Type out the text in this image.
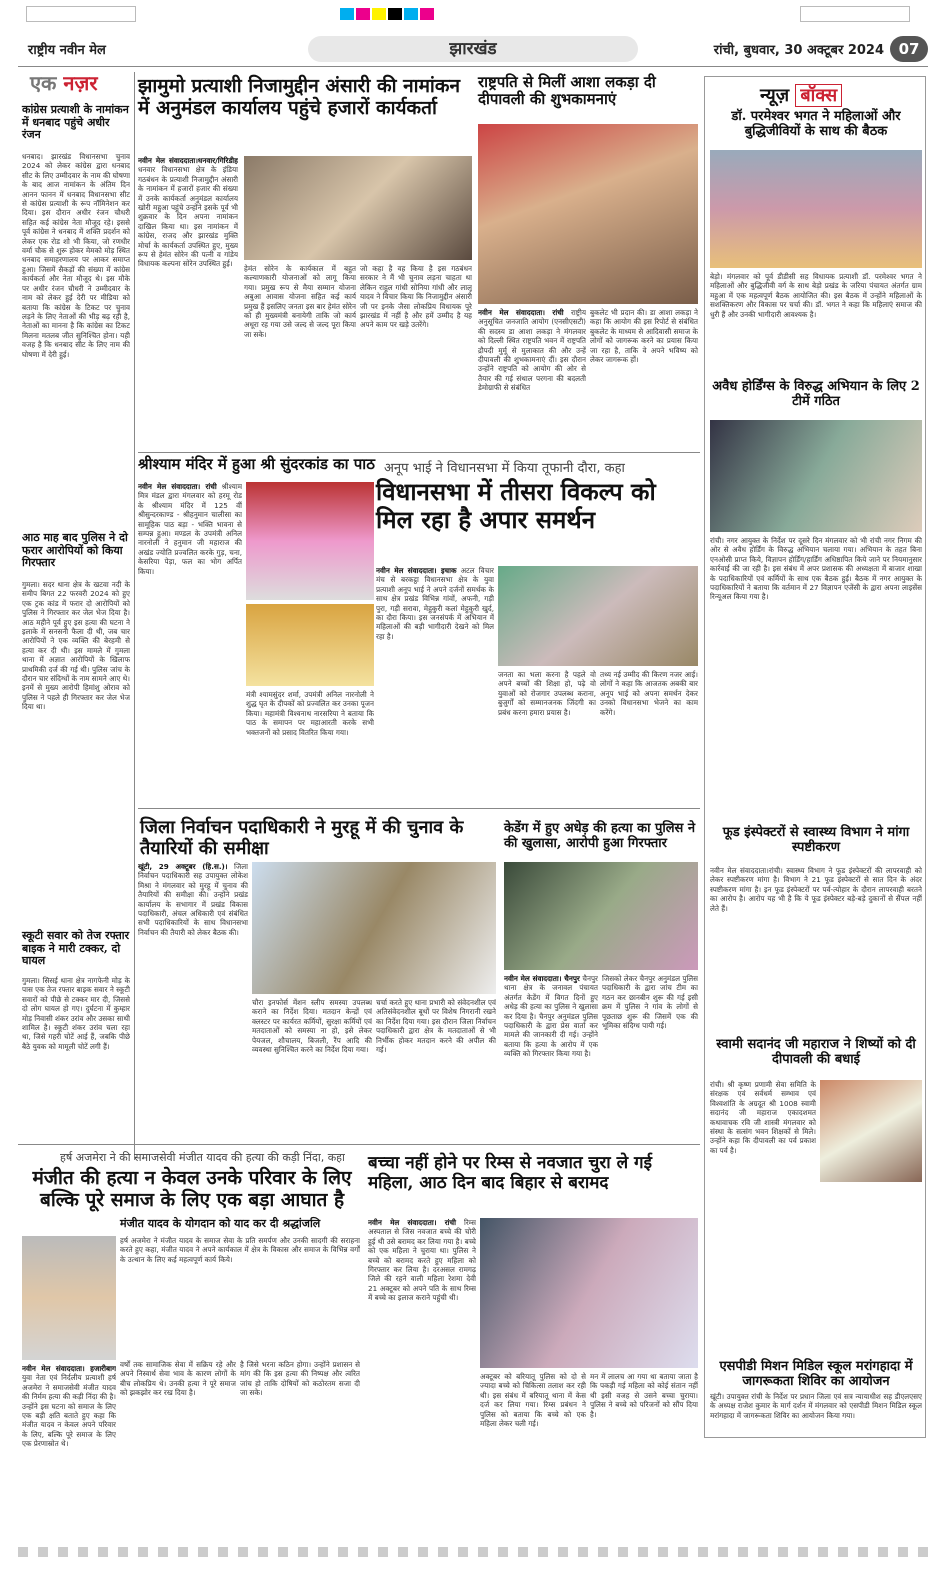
राष्ट्रीय नवीन मेल	झारखंड	रांची, बुधवार, 30 अक्टूबर 2024 07
एक नज़र
कांग्रेस प्रत्याशी के नामांकन में धनबाद पहुंचे अधीर रंजन
धनबाद। झारखंड विधानसभा चुनाव 2024 को लेकर कांग्रेस द्वारा धनबाद सीट के लिए उम्मीदवार के नाम की घोषणा के बाद आज नामांकन के अंतिम दिन आनन फानन में धनबाद विधानसभा सीट से कांग्रेस प्रत्याशी के रूप नॉमिनेशन कर दिया। इस दौरान अधीर रंजन चौधरी सहित कई कांग्रेस नेता मौजूद रहे। इससे पूर्व कांग्रेस ने धनबाद में शक्ति प्रदर्शन को लेकर एक रोड शो भी किया, जो रणधीर वर्मा चौक से शुरू होकर मेमको मोड़ स्थित धनबाद समाहरणालय पर आकर समाप्त हुआ। जिसमें सैकड़ों की संख्या में कांग्रेस कार्यकर्ता और नेता मौजूद थे। इस मौके पर अधीर रंजन चौधरी ने उम्मीदवार के नाम को लेकर हुई देरी पर मीडिया को बताया कि कांग्रेस के टिकट पर चुनाव लड़ने के लिए नेताओं की भीड़ बढ़ रही है, नेताओं का मानना है कि कांग्रेस का टिकट मिलना मतलब जीत सुनिश्चित होना। यही वजह है कि धनबाद सीट के लिए नाम की घोषणा में देरी हुई।
आठ माह बाद पुलिस ने दो फरार आरोपियों को किया गिरफ्तार
गुमला। सदर थाना क्षेत्र के खटवा नदी के समीप बिगत 22 फरवरी 2024 को हुए एक ट्रक कांड में फरार दो आरोपियों को पुलिस ने गिरफ्तार कर जेल भेज दिया है। आठ महीने पूर्व हुए इस हत्या की घटना ने इलाके में सनसनी फैला दी थी, जब चार आरोपियों ने एक व्यक्ति की बेरहमी से हत्या कर दी थी। इस मामले में गुमला थाना में अज्ञात आरोपियों के खिलाफ प्राथमिकी दर्ज की गई थी। पुलिस जांच के दौरान चार संदिग्धों के नाम सामने आए थे। इनमें से मुख्य आरोपी हिमांशु ओराव को पुलिस ने पहले ही गिरफ्तार कर जेल भेज दिया था।
स्कूटी सवार को तेज रफ्तार बाइक ने मारी टक्कर, दो घायल
गुमला। सिसई थाना क्षेत्र नागफेनी मोड़ के पास एक तेज रफ्तार बाइक सवार ने स्कूटी सवारों को पीछे से टक्कर मार दी, जिससे दो लोग घायल हो गए। दुर्घटना में कुम्हार मोड़ निवासी शंकर उरांव और उसका साथी शामिल है। स्कूटी शंकर उरांव चला रहा था, जिसे गहरी चोटें आई हैं, जबकि पीछे बैठे युवक को मामूली चोटें लगी हैं।
झामुमो प्रत्याशी निजामुद्दीन अंसारी की नामांकन में अनुमंडल कार्यालय पहुंचे हजारों कार्यकर्ता
नवीन मेल संवाददाता।धनवार/गिरिडीह धनवार विधानसभा क्षेत्र के इंडिया गठबंधन के प्रत्याशी निजामुद्दीन अंसारी के नामांकन में हजारों हजार की संख्या में उनके कार्यकर्ता अनुमंडल कार्यालय खोरी महुआ पहुंचे उन्होंने इसके पूर्व भी शुक्रवार के दिन अपना नामांकन दाखिल किया था। इस नामांकन में कांग्रेस, राजद और झारखंड मुक्ति मोर्चा के कार्यकर्ता उपस्थित हुए, मुख्य रूप से हेमंत सोरेन की पत्नी व गांडेय विधायक कल्पना सोरेन उपस्थित हुई।
हेमंत सोरेन के कार्यकाल में बहुत कल्याणकारी योजनाओं को लागू किया गया। प्रमुख रूप से मैया सम्मान योजना अबुआ आवास योजना सहित कई कार्य प्रमुख हैं इसलिए जनता इस बार हेमंत सोरेन को ही मुख्यमंत्री बनायेगी ताकि जो कार्य अधूरा रह गया उसे जल्द से जल्द पूरा किया जा सके।
जो कहा है वह किया है इस गठबंधन सरकार ने मैं भी चुनाव लड़ना चाहता था लेकिन राहुल गांधी सोनिया गांधी और लालू यादव ने विचार किया कि निजामुद्दीन अंसारी जी पर इनके जैसा लोकप्रिय विधायक पूरे झारखंड में नहीं है और हमें उम्मीद है यह अपने काम पर खड़े उतरेंगे।
राष्ट्रपति से मिलीं आशा लकड़ा दी दीपावली की शुभकामनाएं
नवीन मेल संवाददाता। रांची राष्ट्रीय अनुसूचित जनजाति आयोग (एनसीएसटी) की सदस्य डा आशा लकड़ा ने मंगलवार को दिल्ली स्थित राष्ट्रपति भवन में राष्ट्रपति द्रौपदी मुर्मू से मुलाकात की और उन्हें दीपावली की शुभकामनाएं दीं। इस दौरान उन्होंने राष्ट्रपति को आयोग की ओर से तैयार की गई संथाल परगना की बदलती डेमोग्राफी से संबंधित
बुकलेट भी प्रदान की। डा आशा लकड़ा ने कहा कि आयोग की इस रिपोर्ट से संबंधित बुकलेट के माध्यम से आदिवासी समाज के लोगों को जागरूक करने का प्रयास किया जा रहा है, ताकि वे अपने भविष्य को लेकर जागरूक हों।
न्यूज़ बॉक्स
डॉ. परमेश्वर भगत ने महिलाओं और बुद्धिजीवियों के साथ की बैठक
बेड़ो। मंगलवार को पूर्व डीडीसी सह विधायक प्रत्याशी डॉ. परमेश्वर भगत ने महिलाओं और बुद्धिजीवी वर्ग के साथ बेड़ो प्रखंड के जरिया पंचायत अंतर्गत ग्राम महुआ में एक महत्वपूर्ण बैठक आयोजित की। इस बैठक में उन्होंने महिलाओं के सशक्तिकरण और विकास पर चर्चा की। डॉ. भगत ने कहा कि महिलाएं समाज की धुरी हैं और उनकी भागीदारी आवश्यक है।
अवैध होर्डिंग्स के विरुद्ध अभियान के लिए 2 टीमें गठित
रांची। नगर आयुक्त के निर्देश पर दूसरे दिन मंगलवार को भी रांची नगर निगम की ओर से अवैध होर्डिंग के विरुद्ध अभियान चलाया गया। अभियान के तहत बिना एनओसी प्राप्त किये, विज्ञापन होर्डिंग/हार्डिंग अधिष्ठापित किये जाने पर नियमानुसार कार्रवाई की जा रही है। इस संबंध में अपर प्रशासक की अध्यक्षता में बाजार शाखा के पदाधिकारियों एवं कर्मियों के साथ एक बैठक हुई। बैठक में नगर आयुक्त के पदाधिकारियों ने बताया कि वर्तमान में 27 विज्ञापन एजेंसी के द्वारा अपना लाइसेंस रिन्यूअल किया गया है।
फूड इंस्पेक्टरों से स्वास्थ्य विभाग ने मांगा स्पष्टीकरण
नवीन मेल संवाददाता।रांची। स्वास्थ्य विभाग ने फूड इंस्पेक्टरों की लापरवाही को लेकर स्पष्टीकरण मांगा है। विभाग ने 21 फूड इंस्पेक्टरों से सात दिन के अंदर स्पष्टीकरण मांगा है। इन फूड इंस्पेक्टरों पर पर्व-त्योहार के दौरान लापरवाही बरतने का आरोप है। आरोप यह भी है कि ये फूड इंस्पेक्टर बड़े-बड़े दुकानों से सैंपल नहीं लेते हैं।
स्वामी सदानंद जी महाराज ने शिष्यों को दी दीपावली की बधाई
रांची। श्री कृष्ण प्रणामी सेवा समिति के संरक्षक एवं सर्वधर्म सम्भाव एवं विश्वशांति के अग्रदूत श्री 1008 स्वामी सदानंद जी महाराज एकादशमत कथावाचक रवि जी शास्त्री मंगलवार को संस्था के सत्संग भवन शिक्षकों से मिले। उन्होंने कहा कि दीपावली का पर्व प्रकाश का पर्व है।
एसपीडी मिशन मिडिल स्कूल मरांगहादा में जागरूकता शिविर का आयोजन
खूंटी। उपायुक्त रांची के निर्देश पर प्रधान जिला एवं सत्र न्यायाधीश सह डीएलएसए के अध्यक्ष राजेश कुमार के मार्ग दर्शन में मंगलवार को एसपीडी मिशन मिडिल स्कूल मरांगहादा में जागरूकता शिविर का आयोजन किया गया।
श्रीश्याम मंदिर में हुआ श्री सुंदरकांड का पाठ
नवीन मेल संवाददाता। रांची श्रीश्याम मित्र मंडल द्वारा मंगलवार को हरमू रोड के श्रीश्याम मंदिर में 125 वीं श्रीसुन्दरकाण्ड - श्रीहनुमान चालीसा का सामूहिक पाठ बड़ा - भक्ति भावना से सम्पन्न हुआ। मण्डल के उपमंत्री अनिल नारनोली ने हनुमान जी महाराज की अखंड ज्योति प्रज्वलित करके गुड़, चना, केसरिया पेड़ा, फल का भोग अर्पित किया।
मंत्री श्यामसुंदर शर्मा, उपमंत्री अनिल नारनोली ने शुद्ध घृत के दीपकों को प्रज्वलित कर उनका पूजन किया। महामंत्री विश्वनाथ नारसरिया ने बताया कि पाठ के समापन पर महाआरती करके सभी भक्तजनों को प्रसाद वितरित किया गया।
अनूप भाई ने विधानसभा में किया तूफानी दौरा, कहा
विधानसभा में तीसरा विकल्प को मिल रहा है अपार समर्थन
नवीन मेल संवाददाता। इचाक अटल विचार मंच से बरकट्ठा विधानसभा क्षेत्र के युवा प्रत्याशी अनूप भाई ने अपने दर्जनों समर्थक के साथ क्षेत्र प्रखंड विभिन्न गांवों, अफनी, गड़ी पुरा, गड़ी सरावा, मेहुकुरी कलां मेहुकुरी खुर्द, का दौरा किया। इस जनसंपर्क में अभियान में महिलाओं की बड़ी भागीदारी देखने को मिल रहा है।
जनता का भला करना है पहले वो अपने बच्चों की शिक्षा हो, पढ़े वो युवाओं को रोजगार उपलब्ध कराना, बुजुर्गों को सम्मानजनक जिंदगी का प्रबंध करना हमारा प्रयास है।
तथ्य नई उम्मीद की किरण नजर आई। लोगों ने कहा कि आजतक अबकी बार अनूप भाई को अपना समर्थन देकर उनको विधानसभा भेजने का काम करेंगे।
जिला निर्वाचन पदाधिकारी ने मुरहू में की चुनाव के तैयारियों की समीक्षा
खूंटी, 29 अक्टूबर (हि.स.)। जिला निर्वाचन पदाधिकारी सह उपायुक्त लोकेश मिश्रा ने मंगलवार को मुरहू में चुनाव की तैयारियों की समीक्षा की। उन्होंने प्रखंड कार्यालय के सभागार में प्रखंड विकास पदाधिकारी, अंचल अधिकारी एवं संबंधित सभी पदाधिकारियों के साथ विधानसभा निर्वाचन की तैयारी को लेकर बैठक की।
चौरा इनफोर्स मेंशन स्लीप समस्या उपलब्ध कराने का निर्देश दिया। मतदान केन्द्रों एवं क्लस्टर पर कार्यरत कर्मियों, सुरक्षा कर्मियों एवं मतदाताओं को समस्या ना हो, इसे लेकर पेयजल, शौचालय, बिजली, रैंप आदि की व्यवस्था सुनिश्चित करने का निर्देश दिया गया।
चर्चा करते हुए थाना प्रभारी को संवेदनशील एवं अतिसंवेदनशील बूथों पर विशेष निगरानी रखने का निर्देश दिया गया। इस दौरान जिला निर्वाचन पदाधिकारी द्वारा क्षेत्र के मतदाताओं से भी निर्भीक होकर मतदान करने की अपील की गई।
केडेंग में हुए अधेड़ की हत्या का पुलिस ने की खुलासा, आरोपी हुआ गिरफ्तार
नवीन मेल संवाददाता। चैनपुर चैनपुर थाना क्षेत्र के जनावल पंचायत अंतर्गत केडेंग में विगत दिनों हुए अधेड़ की हत्या का पुलिस ने खुलासा कर दिया है। चैनपुर अनुमंडल पुलिस पदाधिकारी के द्वारा प्रेस वार्ता कर मामले की जानकारी दी गई। उन्होंने बताया कि हत्या के आरोप में एक व्यक्ति को गिरफ्तार किया गया है।
जिसको लेकर चैनपुर अनुमंडल पुलिस पदाधिकारी के द्वारा जांच टीम का गठन कर छानबीन शुरू की गई इसी क्रम में पुलिस ने गांव के लोगों से पूछताछ शुरू की जिसमें एक की भूमिका संदिग्ध पायी गई।
हर्ष अजमेरा ने की समाजसेवी मंजीत यादव की हत्या की कड़ी निंदा, कहा
मंजीत की हत्या न केवल उनके परिवार के लिए बल्कि पूरे समाज के लिए एक बड़ा आघात है
मंजीत यादव के योगदान को याद कर दी श्रद्धांजलि
नवीन मेल संवाददाता। हजारीबाग युवा नेता एवं निर्दलीय प्रत्याशी हर्ष अजमेरा ने समाजसेवी मंजीत यादव की निर्मम हत्या की कड़ी निंदा की है। उन्होंने इस घटना को समाज के लिए एक बड़ी क्षति बताते हुए कहा कि मंजीत यादव न केवल अपने परिवार के लिए, बल्कि पूरे समाज के लिए एक प्रेरणास्रोत थे।
हर्ष अजमेरा ने मंजीत यादव के समाज सेवा के प्रति समर्पण और उनकी सादगी की सराहना करते हुए कहा, मंजीत यादव ने अपने कार्यकाल में क्षेत्र के विकास और समाज के विभिन्न वर्गों के उत्थान के लिए कई महत्वपूर्ण कार्य किये।
वर्षों तक सामाजिक सेवा में सक्रिय रहे और अपने निस्वार्थ सेवा भाव के कारण लोगों के बीच लोकप्रिय थे। उनकी हत्या ने पूरे समाज को झकझोर कर रख दिया है।
है जिसे भरना कठिन होगा। उन्होंने प्रशासन से मांग की कि इस हत्या की निष्पक्ष और त्वरित जांच हो ताकि दोषियों को कठोरतम सजा दी जा सके।
बच्चा नहीं होने पर रिम्स से नवजात चुरा ले गई महिला, आठ दिन बाद बिहार से बरामद
नवीन मेल संवाददाता। रांची रिम्स अस्पताल से जिस नवजात बच्चे की चोरी हुई थी उसे बरामद कर लिया गया है। बच्चे को एक महिला ने चुराया था। पुलिस ने बच्चे को बरामद करते हुए महिला को गिरफ्तार कर लिया है। दरअसल रामगढ़ जिले की रहने वाली महिला रेशमा देवी 21 अक्टूबर को अपने पति के साथ रिम्स में बच्चे का इलाज कराने पहुंची थी।
अक्टूबर को बरियातू पुलिस को दो से ज्यादा बच्चे को चिकित्सा तलाश कर रही थी। इस संबंध में बरियातू थाना में केस दर्ज कर लिया गया। रिम्स प्रबंधन ने पुलिस को बताया कि बच्चे को एक महिला लेकर चली गई।
मन में लालच आ गया था बताया जाता है कि पकड़ी गई महिला को कोई संतान नहीं थी इसी वजह से उसने बच्चा चुराया। पुलिस ने बच्चे को परिजनों को सौंप दिया है।
